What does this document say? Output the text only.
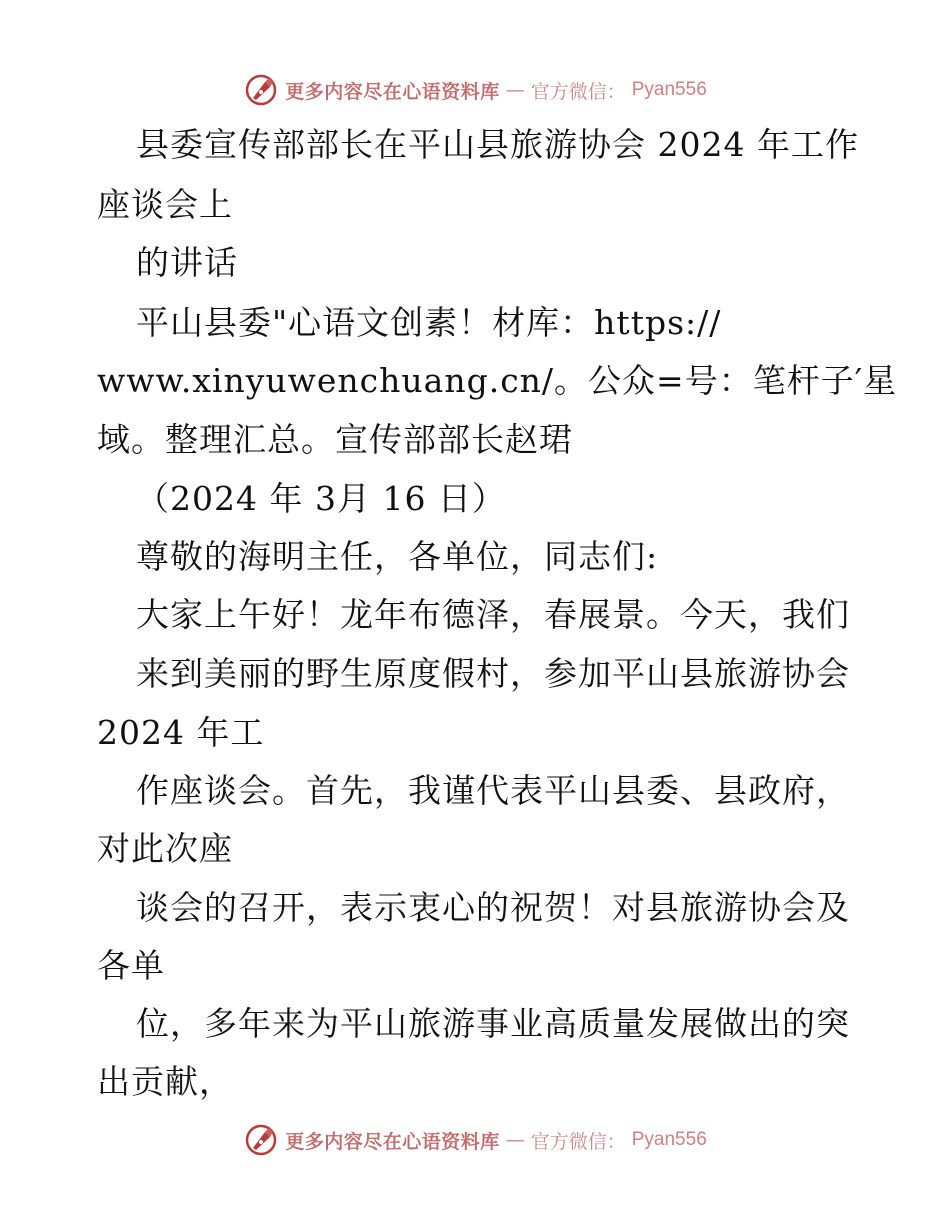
更多内容尽在心语资料库 — 官方微信： Pyan556
县委宣传部部长在平山县旅游协会 2024 年工作
座谈会上
的讲话
平山县委"心语文创素！材库：https://
www.xinyuwenchuang.cn/。公众=号：笔杆子′星
域。整理汇总。宣传部部长赵珺
（2024 年 3月 16 日）
尊敬的海明主任，各单位，同志们:
大家上午好！龙年布德泽，春展景。今天，我们
来到美丽的野生原度假村，参加平山县旅游协会
2024 年工
作座谈会。首先，我谨代表平山县委、县政府，
对此次座
谈会的召开，表示衷心的祝贺！对县旅游协会及
各单
位，多年来为平山旅游事业高质量发展做出的突
出贡献，
更多内容尽在心语资料库 — 官方微信： Pyan556
